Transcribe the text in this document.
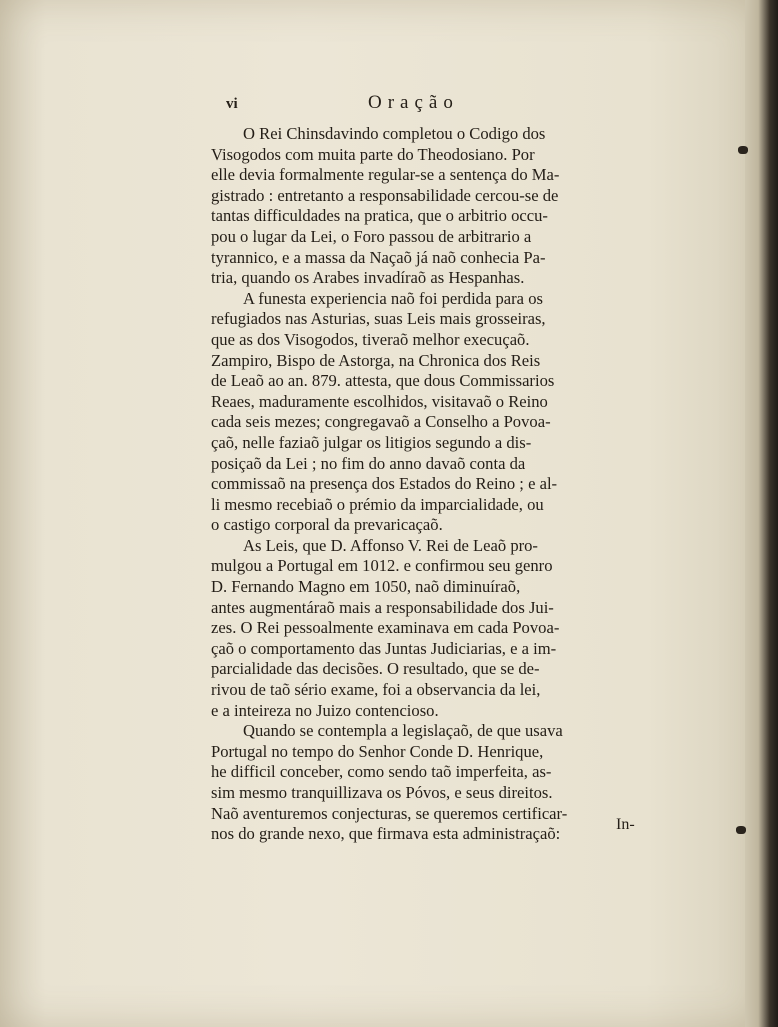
vi	Oração
O Rei Chinsdavindo completou o Codigo dos
Visogodos com muita parte do Theodosiano. Por
elle devia formalmente regular-se a sentença do Ma-
gistrado : entretanto a responsabilidade cercou-se de
tantas difficuldades na pratica, que o arbitrio occu-
pou o lugar da Lei, o Foro passou de arbitrario a
tyrannico, e a massa da Naçaõ já naõ conhecia Pa-
tria, quando os Arabes invadíraõ as Hespanhas.
A funesta experiencia naõ foi perdida para os
refugiados nas Asturias, suas Leis mais grosseiras,
que as dos Visogodos, tiveraõ melhor execuçaõ.
Zampiro, Bispo de Astorga, na Chronica dos Reis
de Leaõ ao an. 879. attesta, que dous Commissarios
Reaes, maduramente escolhidos, visitavaõ o Reino
cada seis mezes; congregavaõ a Conselho a Povoa-
çaõ, nelle faziaõ julgar os litigios segundo a dis-
posiçaõ da Lei ; no fim do anno davaõ conta da
commissaõ na presença dos Estados do Reino ; e al-
li mesmo recebiaõ o prémio da imparcialidade, ou
o castigo corporal da prevaricaçaõ.
As Leis, que D. Affonso V. Rei de Leaõ pro-
mulgou a Portugal em 1012. e confirmou seu genro
D. Fernando Magno em 1050, naõ diminuíraõ,
antes augmentáraõ mais a responsabilidade dos Jui-
zes. O Rei pessoalmente examinava em cada Povoa-
çaõ o comportamento das Juntas Judiciarias, e a im-
parcialidade das decisões. O resultado, que se de-
rivou de taõ sério exame, foi a observancia da lei,
e a inteireza no Juizo contencioso.
Quando se contempla a legislaçaõ, de que usava
Portugal no tempo do Senhor Conde D. Henrique,
he difficil conceber, como sendo taõ imperfeita, as-
sim mesmo tranquillizava os Póvos, e seus direitos.
Naõ aventuremos conjecturas, se queremos certificar-
nos do grande nexo, que firmava esta administraçaõ:	In-
